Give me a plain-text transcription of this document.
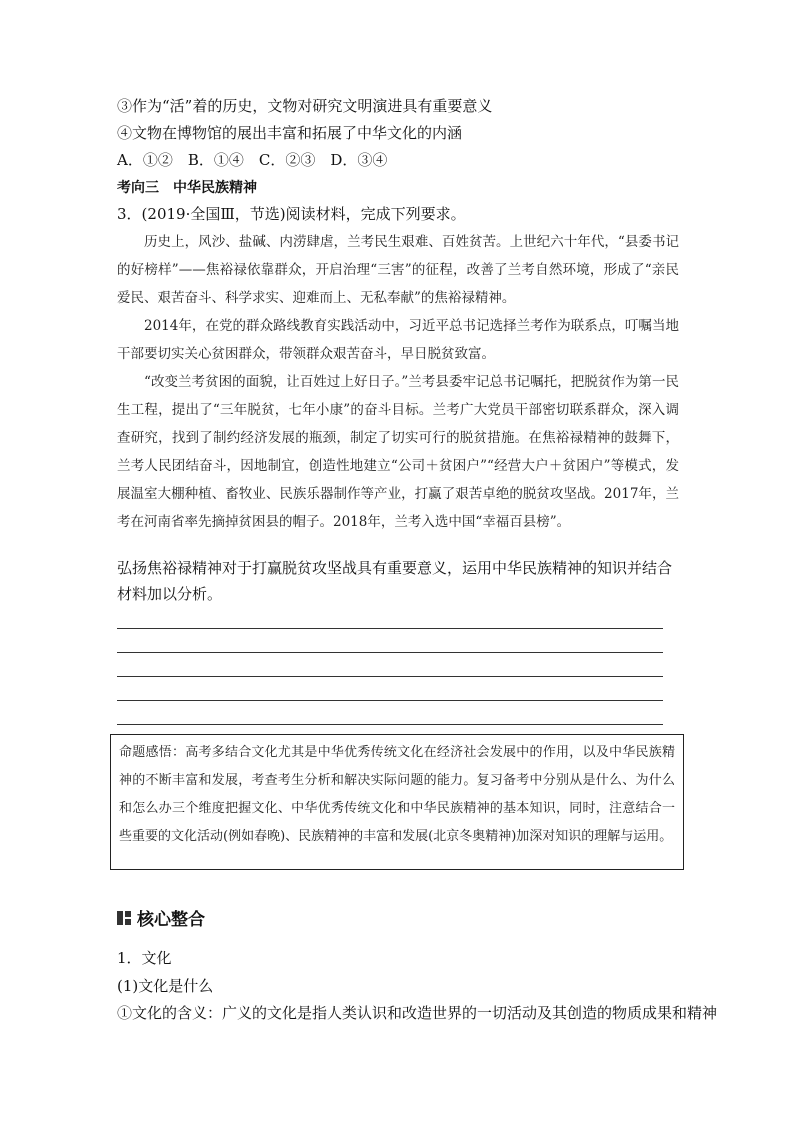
③作为“活”着的历史，文物对研究文明演进具有重要意义
④文物在博物馆的展出丰富和拓展了中华文化的内涵
A．①②　B．①④　C．②③　D．③④
考向三　中华民族精神
3．(2019·全国Ⅲ，节选)阅读材料，完成下列要求。

历史上，风沙、盐碱、内涝肆虐，兰考民生艰难、百姓贫苦。上世纪六十年代，“县委书记的好榜样”——焦裕禄依靠群众，开启治理“三害”的征程，改善了兰考自然环境，形成了“亲民爱民、艰苦奋斗、科学求实、迎难而上、无私奉献”的焦裕禄精神。

2014年，在党的群众路线教育实践活动中，习近平总书记选择兰考作为联系点，叮嘱当地干部要切实关心贫困群众，带领群众艰苦奋斗，早日脱贫致富。

“改变兰考贫困的面貌，让百姓过上好日子。”兰考县委牢记总书记嘱托，把脱贫作为第一民生工程，提出了“三年脱贫，七年小康”的奋斗目标。兰考广大党员干部密切联系群众，深入调查研究，找到了制约经济发展的瓶颈，制定了切实可行的脱贫措施。在焦裕禄精神的鼓舞下，兰考人民团结奋斗，因地制宜，创造性地建立“公司＋贫困户”“经营大户＋贫困户”等模式，发展温室大棚种植、畜牧业、民族乐器制作等产业，打赢了艰苦卓绝的脱贫攻坚战。2017年，兰考在河南省率先摘掉贫困县的帽子。2018年，兰考入选中国“幸福百县榜”。

弘扬焦裕禄精神对于打赢脱贫攻坚战具有重要意义，运用中华民族精神的知识并结合材料加以分析。
命题感悟：高考多结合文化尤其是中华优秀传统文化在经济社会发展中的作用，以及中华民族精神的不断丰富和发展，考查考生分析和解决实际问题的能力。复习备考中分别从是什么、为什么和怎么办三个维度把握文化、中华优秀传统文化和中华民族精神的基本知识，同时，注意结合一些重要的文化活动(例如春晚)、民族精神的丰富和发展(北京冬奥精神)加深对知识的理解与运用。
核心整合
1．文化
(1)文化是什么
①文化的含义：广义的文化是指人类认识和改造世界的一切活动及其创造的物质成果和精神
